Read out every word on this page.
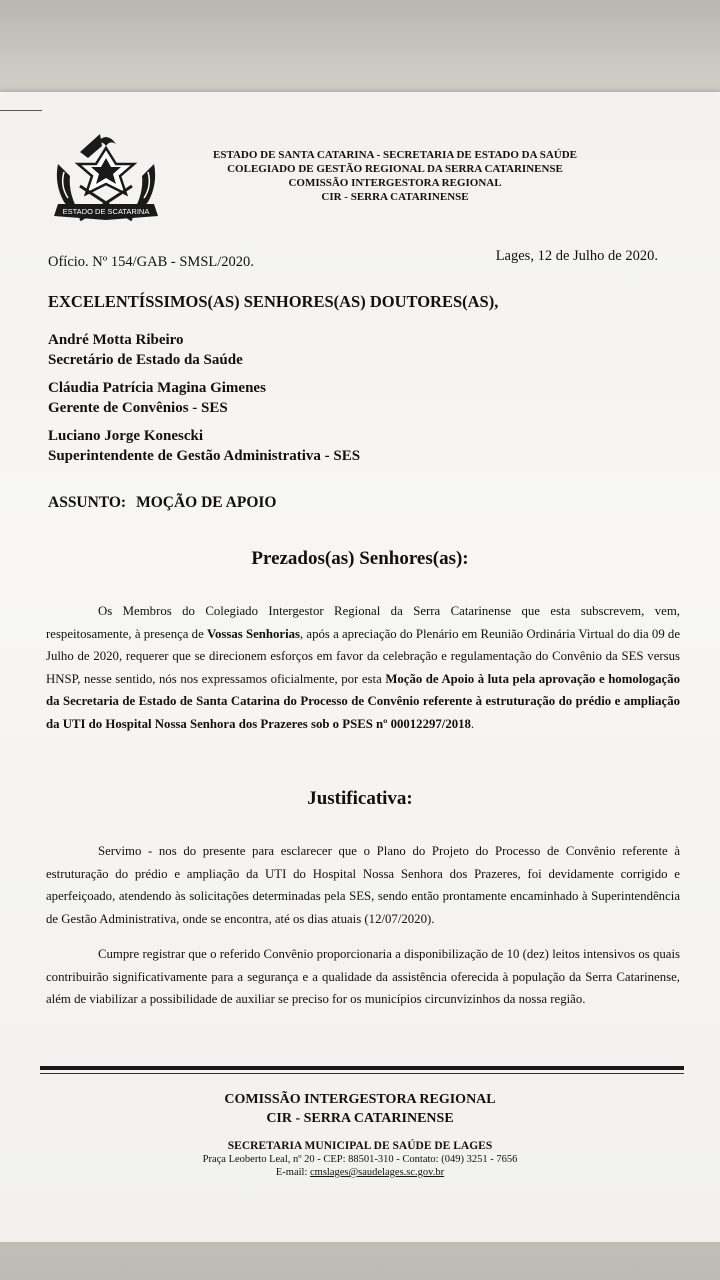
ESTADO DE SCATARINA
ESTADO DE SANTA CATARINA - SECRETARIA DE ESTADO DA SAÚDE
COLEGIADO DE GESTÃO REGIONAL DA SERRA CATARINENSE
COMISSÃO INTERGESTORA REGIONAL
CIR - SERRA CATARINENSE
Ofício. Nº 154/GAB - SMSL/2020.	Lages, 12 de Julho de 2020.
EXCELENTÍSSIMOS(AS) SENHORES(AS) DOUTORES(AS),
André Motta Ribeiro
Secretário de Estado da Saúde
Cláudia Patrícia Magina Gimenes
Gerente de Convênios - SES
Luciano Jorge Konescki
Superintendente de Gestão Administrativa - SES
ASSUNTO: MOÇÃO DE APOIO
Prezados(as) Senhores(as):

Os Membros do Colegiado Intergestor Regional da Serra Catarinense que esta subscrevem, vem, respeitosamente, à presença de Vossas Senhorias, após a apreciação do Plenário em Reunião Ordinária Virtual do dia 09 de Julho de 2020, requerer que se direcionem esforços em favor da celebração e regulamentação do Convênio da SES versus HNSP, nesse sentido, nós nos expressamos oficialmente, por esta Moção de Apoio à luta pela aprovação e homologação da Secretaria de Estado de Santa Catarina do Processo de Convênio referente à estruturação do prédio e ampliação da UTI do Hospital Nossa Senhora dos Prazeres sob o PSES nº 00012297/2018.

Justificativa:

Servimo - nos do presente para esclarecer que o Plano do Projeto do Processo de Convênio referente à estruturação do prédio e ampliação da UTI do Hospital Nossa Senhora dos Prazeres, foi devidamente corrigido e aperfeiçoado, atendendo às solicitações determinadas pela SES, sendo então prontamente encaminhado à Superintendência de Gestão Administrativa, onde se encontra, até os dias atuais (12/07/2020).

Cumpre registrar que o referido Convênio proporcionaria a disponibilização de 10 (dez) leitos intensivos os quais contribuirão significativamente para a segurança e a qualidade da assistência oferecida à população da Serra Catarinense, além de viabilizar a possibilidade de auxiliar se preciso for os municípios circunvizinhos da nossa região.

COMISSÃO INTERGESTORA REGIONAL
CIR - SERRA CATARINENSE
SECRETARIA MUNICIPAL DE SAÚDE DE LAGES
Praça Leoberto Leal, nº 20 - CEP: 88501-310 - Contato: (049) 3251 - 7656
E-mail: cmslages@saudelages.sc.gov.br
